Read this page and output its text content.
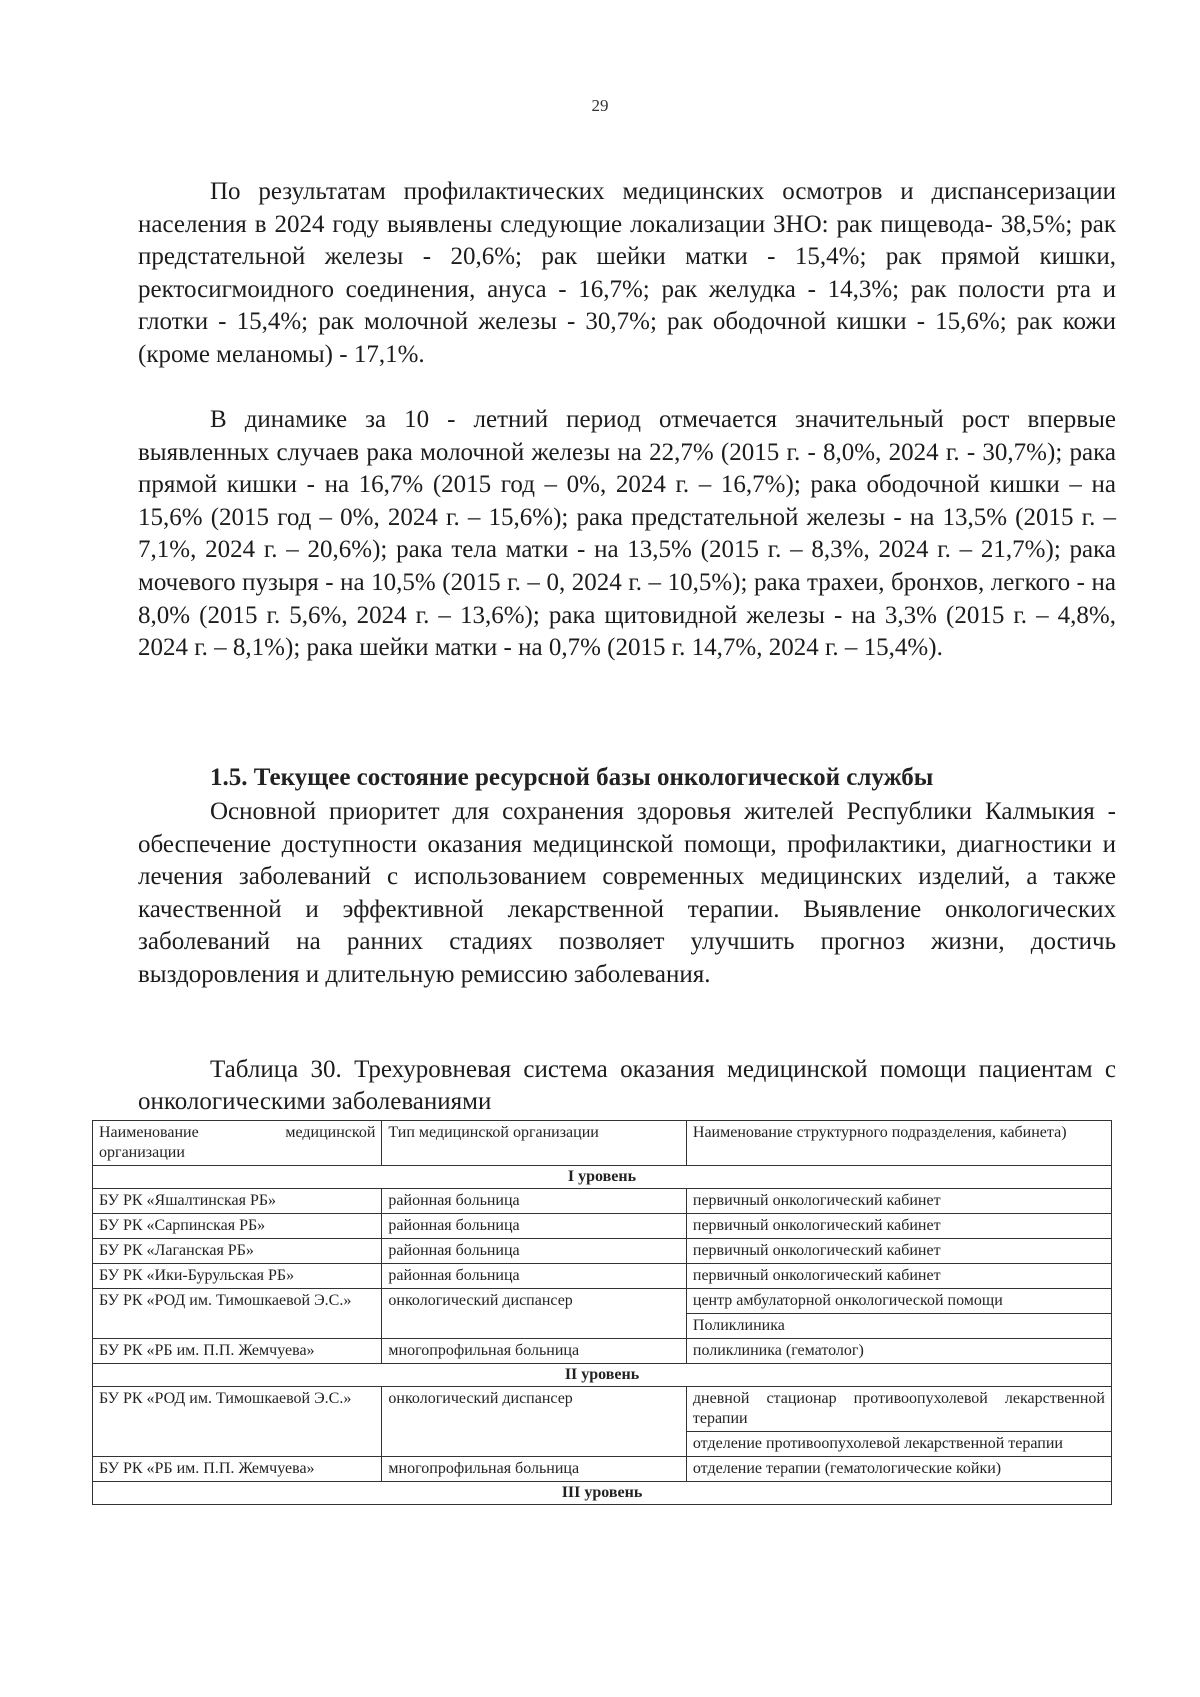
29

По результатам профилактических медицинских осмотров и диспансеризации населения в 2024 году выявлены следующие локализации ЗНО: рак пищевода- 38,5%; рак предстательной железы - 20,6%; рак шейки матки - 15,4%; рак прямой кишки, ректосигмоидного соединения, ануса - 16,7%; рак желудка - 14,3%; рак полости рта и глотки - 15,4%; рак молочной железы - 30,7%; рак ободочной кишки - 15,6%; рак кожи (кроме меланомы) - 17,1%.

В динамике за 10 - летний период отмечается значительный рост впервые выявленных случаев рака молочной железы на 22,7% (2015 г. - 8,0%, 2024 г. - 30,7%); рака прямой кишки - на 16,7% (2015 год – 0%, 2024 г. – 16,7%); рака ободочной кишки – на 15,6% (2015 год – 0%, 2024 г. – 15,6%); рака предстательной железы - на 13,5% (2015 г. – 7,1%, 2024 г. – 20,6%); рака тела матки - на 13,5% (2015 г. – 8,3%, 2024 г. – 21,7%); рака мочевого пузыря - на 10,5% (2015 г. – 0, 2024 г. – 10,5%); рака трахеи, бронхов, легкого - на 8,0% (2015 г. 5,6%, 2024 г. – 13,6%); рака щитовидной железы - на 3,3% (2015 г. – 4,8%, 2024 г. – 8,1%); рака шейки матки - на 0,7% (2015 г. 14,7%, 2024 г. – 15,4%).

1.5. Текущее состояние ресурсной базы онкологической службы

Основной приоритет для сохранения здоровья жителей Республики Калмыкия - обеспечение доступности оказания медицинской помощи, профилактики, диагностики и лечения заболеваний с использованием современных медицинских изделий, а также качественной и эффективной лекарственной терапии. Выявление онкологических заболеваний на ранних стадиях позволяет улучшить прогноз жизни, достичь выздоровления и длительную ремиссию заболевания.

Таблица 30. Трехуровневая система оказания медицинской помощи пациентам с онкологическими заболеваниями
Наименование медицинской организации	Тип медицинской организации	Наименование структурного подразделения, кабинета)
I уровень		
БУ РК «Яшалтинская РБ»	районная больница	первичный онкологический кабинет
БУ РК «Сарпинская РБ»	районная больница	первичный онкологический кабинет
БУ РК «Лаганская РБ»	районная больница	первичный онкологический кабинет
БУ РК «Ики-Бурульская РБ»	районная больница	первичный онкологический кабинет
БУ РК «РОД им. Тимошкаевой Э.С.»	онкологический диспансер	центр амбулаторной онкологической помощи
		Поликлиника
БУ РК «РБ им. П.П. Жемчуева»	многопрофильная больница	поликлиника (гематолог)
II уровень		
БУ РК «РОД им. Тимошкаевой Э.С.»	онкологический диспансер	дневной стационар противоопухолевой лекарственной терапии
		отделение противоопухолевой лекарственной терапии
БУ РК «РБ им. П.П. Жемчуева»	многопрофильная больница	отделение терапии (гематологические койки)
III уровень		
